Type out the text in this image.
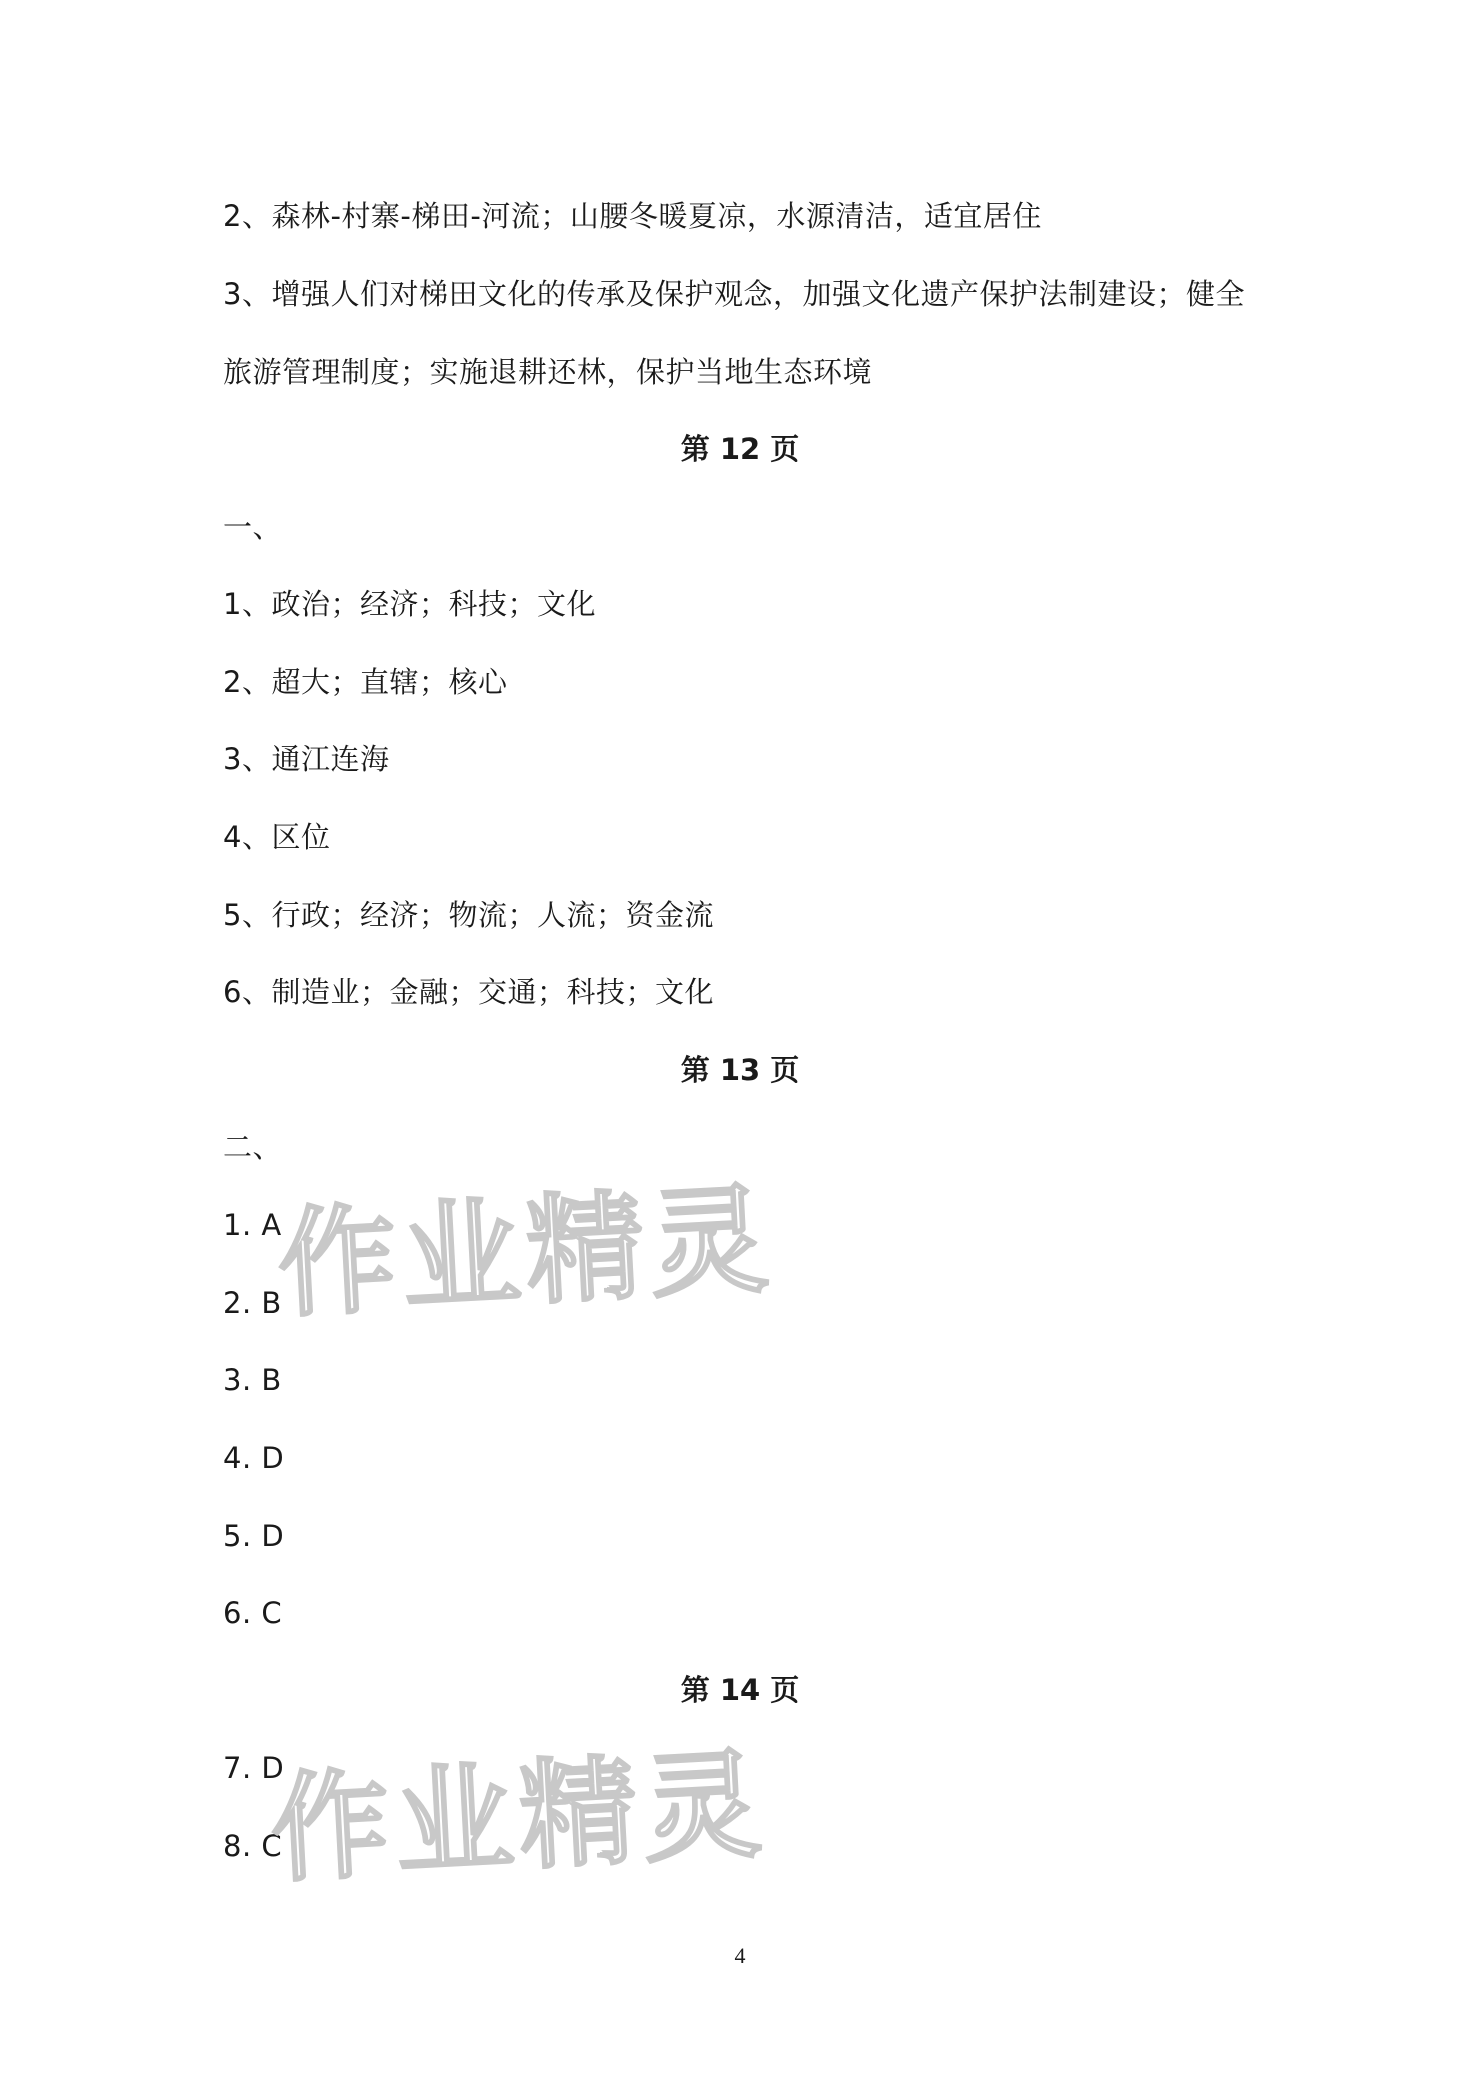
2、森林-村寨-梯田-河流；山腰冬暖夏凉，水源清洁，适宜居住
3、增强人们对梯田文化的传承及保护观念，加强文化遗产保护法制建设；健全
旅游管理制度；实施退耕还林，保护当地生态环境
第 12 页
一、
1、政治；经济；科技；文化
2、超大；直辖；核心
3、通江连海
4、区位
5、行政；经济；物流；人流；资金流
6、制造业；金融；交通；科技；文化
第 13 页
二、
1. A
2. B
3. B
4. D
5. D
6. C
第 14 页
7. D
8. C
作业精灵
作业精灵
4
